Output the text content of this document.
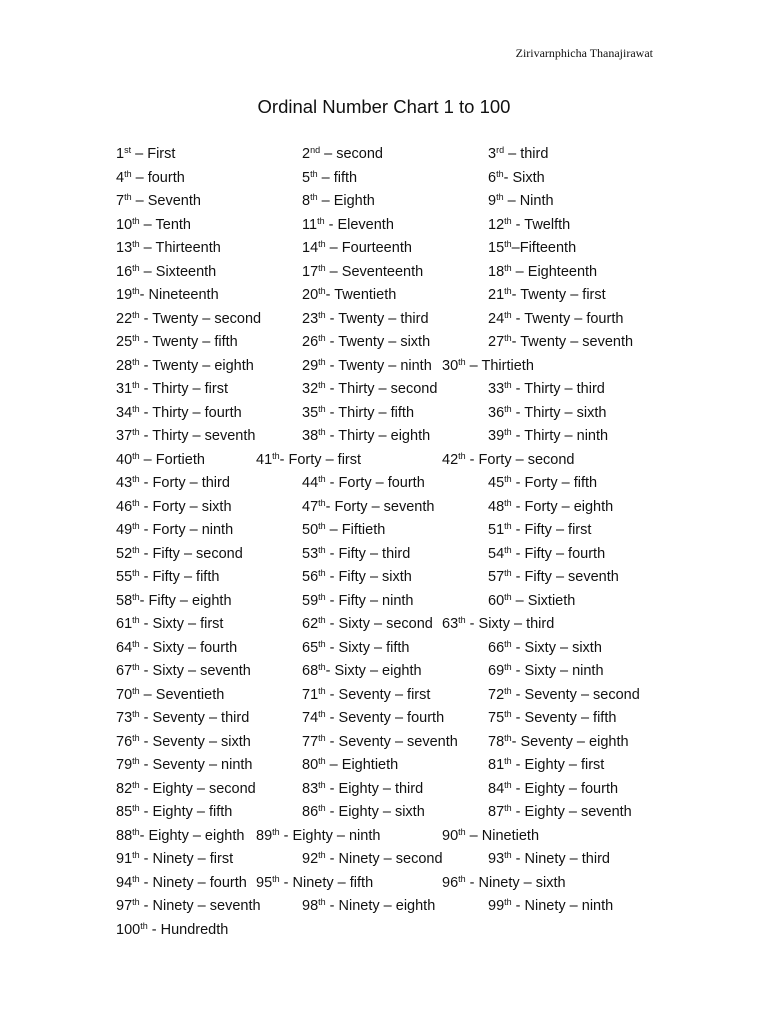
Zirivarnphicha Thanajirawat
Ordinal Number Chart 1 to 100
1st – First	2nd – second	3rd – third
4th – fourth	5th – fifth	6th- Sixth
7th – Seventh	8th – Eighth	9th – Ninth
10th – Tenth	11th - Eleventh	12th - Twelfth
13th – Thirteenth	14th – Fourteenth	15th–Fifteenth
16th – Sixteenth	17th – Seventeenth	18th – Eighteenth
19th- Nineteenth	20th- Twentieth	21th- Twenty – first
22th - Twenty – second	23th - Twenty – third	24th - Twenty – fourth
25th - Twenty – fifth	26th - Twenty – sixth	27th- Twenty – seventh
28th - Twenty – eighth	29th - Twenty – ninth 30th – Thirtieth
31th - Thirty – first	32th - Thirty – second	33th - Thirty – third
34th - Thirty – fourth	35th - Thirty – fifth	36th - Thirty – sixth
37th - Thirty – seventh	38th - Thirty – eighth	39th - Thirty – ninth
40th – Fortieth	41th- Forty – first	42th - Forty – second
43th - Forty – third	44th - Forty – fourth	45th - Forty – fifth
46th - Forty – sixth	47th- Forty – seventh	48th - Forty – eighth
49th - Forty – ninth	50th – Fiftieth	51th - Fifty – first
52th - Fifty – second	53th - Fifty – third	54th - Fifty – fourth
55th - Fifty – fifth	56th - Fifty – sixth	57th - Fifty – seventh
58th- Fifty – eighth	59th - Fifty – ninth	60th – Sixtieth
61th - Sixty – first	62th - Sixty – second 63th - Sixty – third
64th - Sixty – fourth	65th - Sixty – fifth	66th - Sixty – sixth
67th - Sixty – seventh	68th- Sixty – eighth	69th - Sixty – ninth
70th – Seventieth	71th - Seventy – first	72th - Seventy – second
73th - Seventy – third	74th - Seventy – fourth	75th - Seventy – fifth
76th - Seventy – sixth	77th - Seventy – seventh 78th- Seventy – eighth
79th - Seventy – ninth	80th – Eightieth	81th - Eighty – first
82th - Eighty – second	83th - Eighty – third	84th - Eighty – fourth
85th - Eighty – fifth	86th - Eighty – sixth	87th - Eighty – seventh
88th- Eighty – eighth 89th - Eighty – ninth	90th – Ninetieth
91th - Ninety – first	92th - Ninety – second	93th - Ninety – third
94th - Ninety – fourth 95th - Ninety – fifth	96th - Ninety – sixth
97th - Ninety – seventh	98th - Ninety – eighth	99th - Ninety – ninth
100th - Hundredth
